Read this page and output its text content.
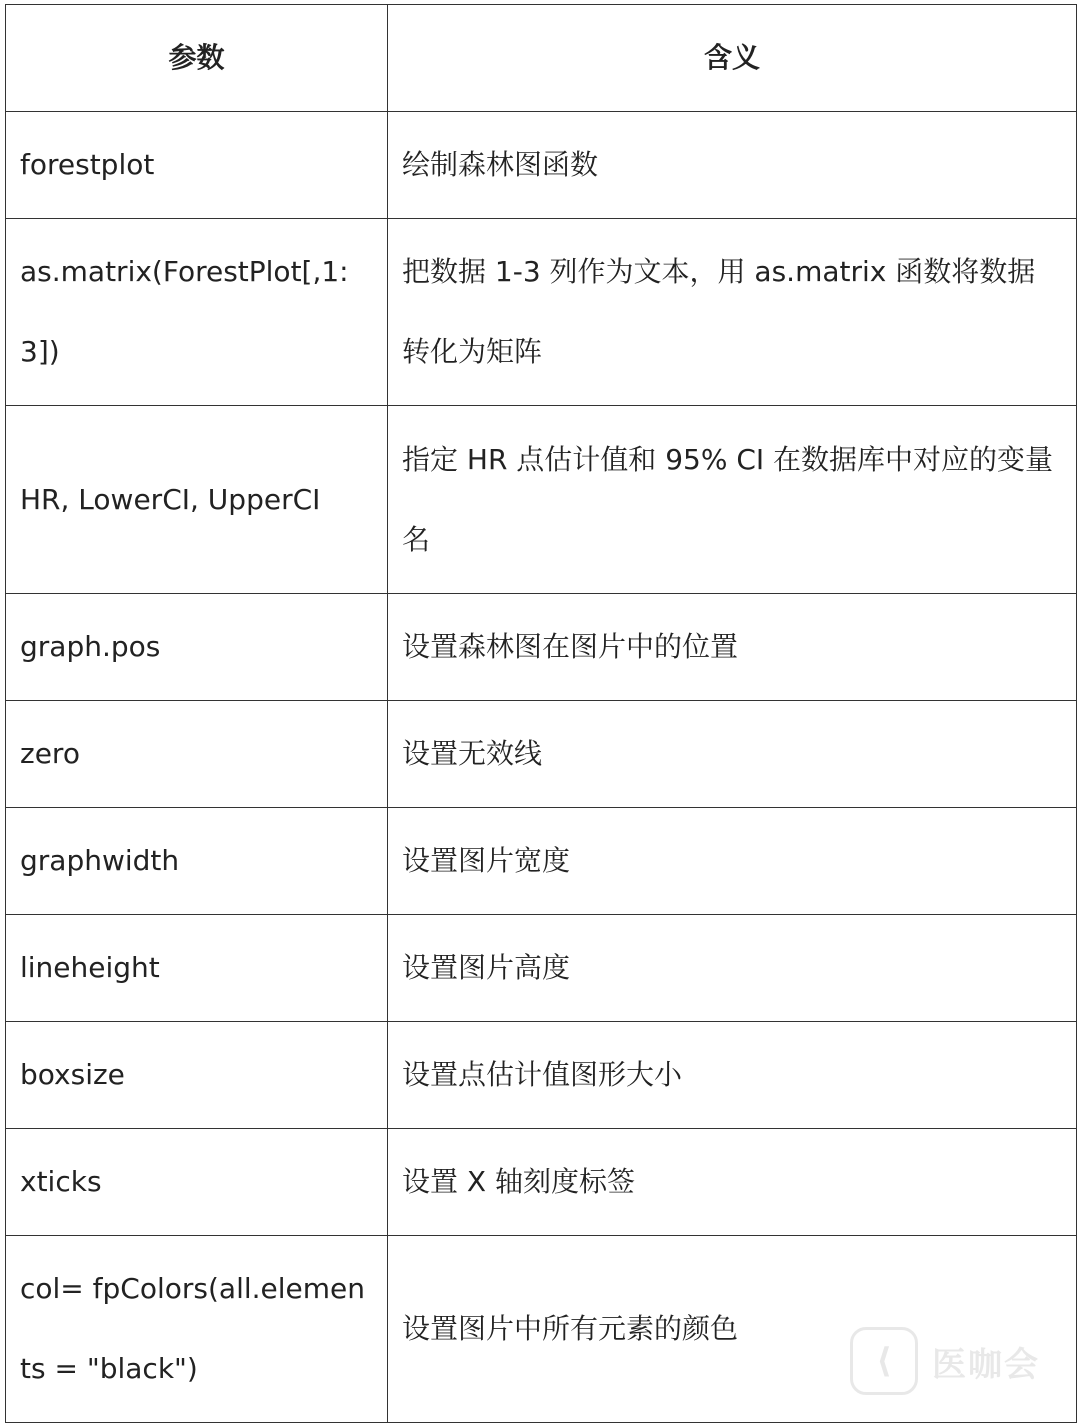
参数	含义
forestplot	绘制森林图函数
as.matrix(ForestPlot[,1:3])	把数据 1-3 列作为文本，用 as.matrix 函数将数据转化为矩阵
HR, LowerCI, UpperCI	指定 HR 点估计值和 95% CI 在数据库中对应的变量名
graph.pos	设置森林图在图片中的位置
zero	设置无效线
graphwidth	设置图片宽度
lineheight	设置图片高度
boxsize	设置点估计值图形大小
xticks	设置 X 轴刻度标签
col= fpColors(all.elements = "black")	设置图片中所有元素的颜色
⟨	医咖会
